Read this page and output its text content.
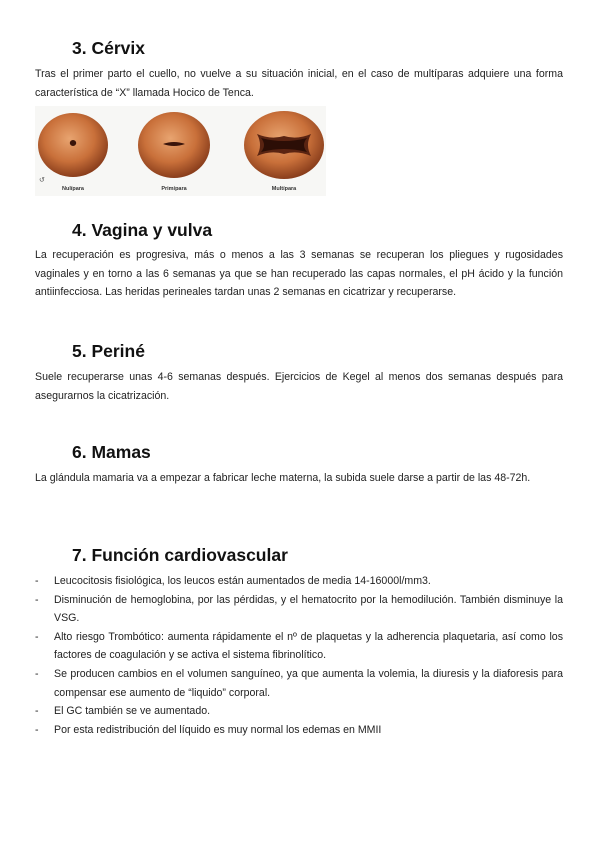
3. Cérvix

Tras el primer parto el cuello, no vuelve a su situación inicial, en el caso de multíparas adquiere una forma característica de “X” llamada Hocico de Tenca.

↺
Nulípara	Primípara	Multípara
4. Vagina y vulva

La recuperación es progresiva, más o menos a las 3 semanas se recuperan los pliegues y rugosidades vaginales y en torno a las 6 semanas ya que se han recuperado las capas normales, el pH ácido y la función antiinfecciosa. Las heridas perineales tardan unas 2 semanas en cicatrizar y recuperarse.

5. Periné

Suele recuperarse unas 4-6 semanas después. Ejercicios de Kegel al menos dos semanas después para asegurarnos la cicatrización.

6. Mamas

La glándula mamaria va a empezar a fabricar leche materna, la subida suele darse a partir de las 48-72h.

7. Función cardiovascular
- Leucocitosis fisiológica, los leucos están aumentados de media 14-16000l/mm3.
- Disminución de hemoglobina, por las pérdidas, y el hematocrito por la hemodilución. También disminuye la VSG.
- Alto riesgo Trombótico: aumenta rápidamente el nº de plaquetas y la adherencia plaquetaria, así como los factores de coagulación y se activa el sistema fibrinolítico.
- Se producen cambios en el volumen sanguíneo, ya que aumenta la volemia, la diuresis y la diaforesis para compensar ese aumento de “liquido” corporal.
- El GC también se ve aumentado.
- Por esta redistribución del líquido es muy normal los edemas en MMII
